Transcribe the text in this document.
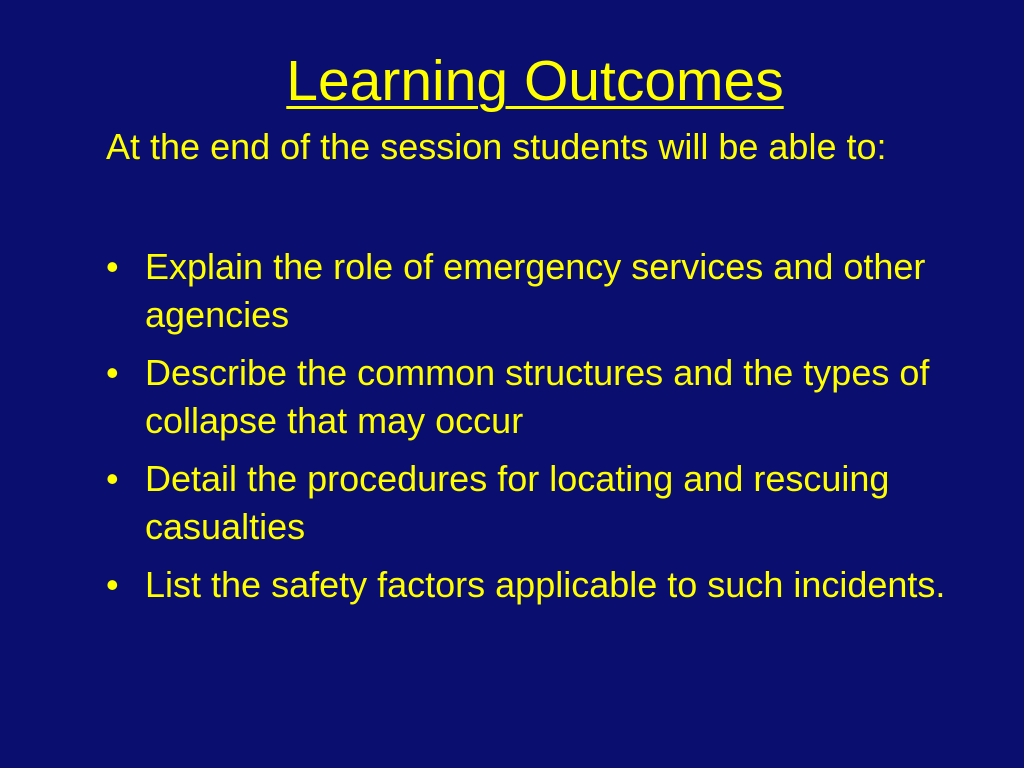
Learning Outcomes
At the end of the session students will be able to:
• Explain the role of emergency services and other agencies
• Describe the common structures and the types of collapse that may occur
• Detail the procedures for locating and rescuing casualties
• List the safety factors applicable to such incidents.
